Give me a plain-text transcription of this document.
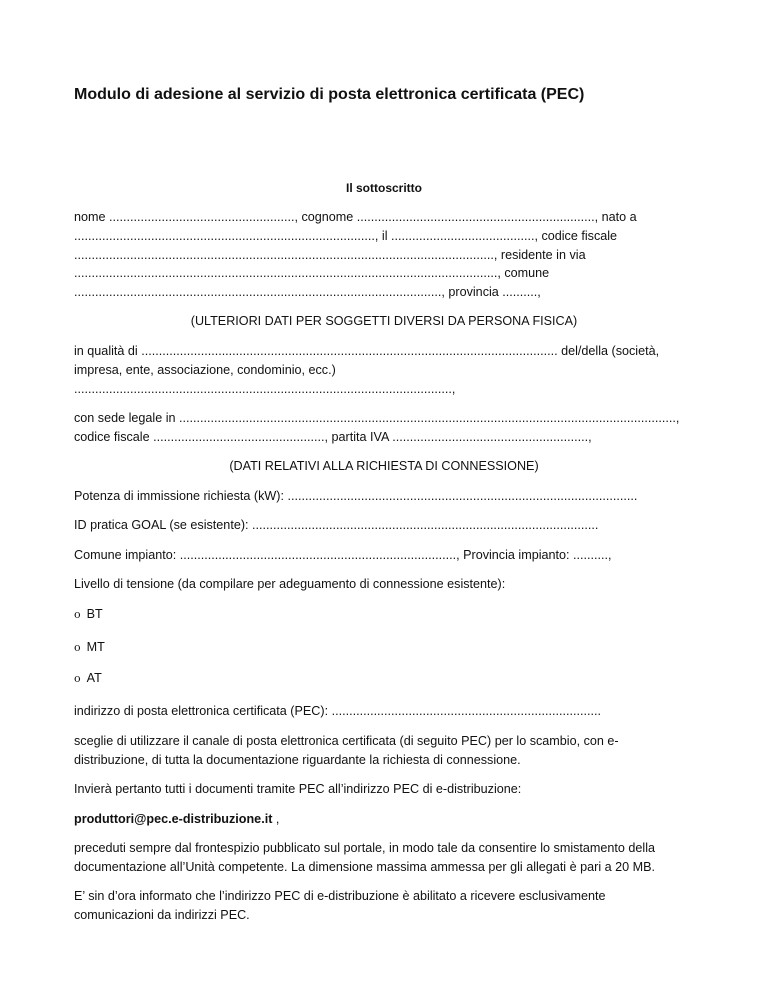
Modulo di adesione al servizio di posta elettronica certificata (PEC)
Il sottoscritto
nome ....................................................., cognome ...................................................................., nato a
......................................................................................, il ........................................., codice fiscale
........................................................................................................................, residente in via
........................................................................................................................., comune
........................................................................................................., provincia ..........,
(ULTERIORI DATI PER SOGGETTI DIVERSI DA PERSONA FISICA)
in qualità di ....................................................................................................................... del/della (società,
impresa, ente, associazione, condominio, ecc.)
............................................................................................................,
con sede legale in ..............................................................................................................................................,
codice fiscale ................................................., partita IVA ........................................................,
(DATI RELATIVI ALLA RICHIESTA DI CONNESSIONE)
Potenza di immissione richiesta (kW): ....................................................................................................
ID pratica GOAL (se esistente): ...................................................................................................
Comune impianto: ..............................................................................., Provincia impianto: ..........,
Livello di tensione (da compilare per adeguamento di connessione esistente):
o BT
o MT
o AT
indirizzo di posta elettronica certificata (PEC): .............................................................................
sceglie di utilizzare il canale di posta elettronica certificata (di seguito PEC) per lo scambio, con e-
distribuzione, di tutta la documentazione riguardante la richiesta di connessione.
Invierà pertanto tutti i documenti tramite PEC all’indirizzo PEC di e-distribuzione:
produttori@pec.e-distribuzione.it ,
preceduti sempre dal frontespizio pubblicato sul portale, in modo tale da consentire lo smistamento della
documentazione all’Unità competente. La dimensione massima ammessa per gli allegati è pari a 20 MB.
E’ sin d’ora informato che l’indirizzo PEC di e-distribuzione è abilitato a ricevere esclusivamente
comunicazioni da indirizzi PEC.
